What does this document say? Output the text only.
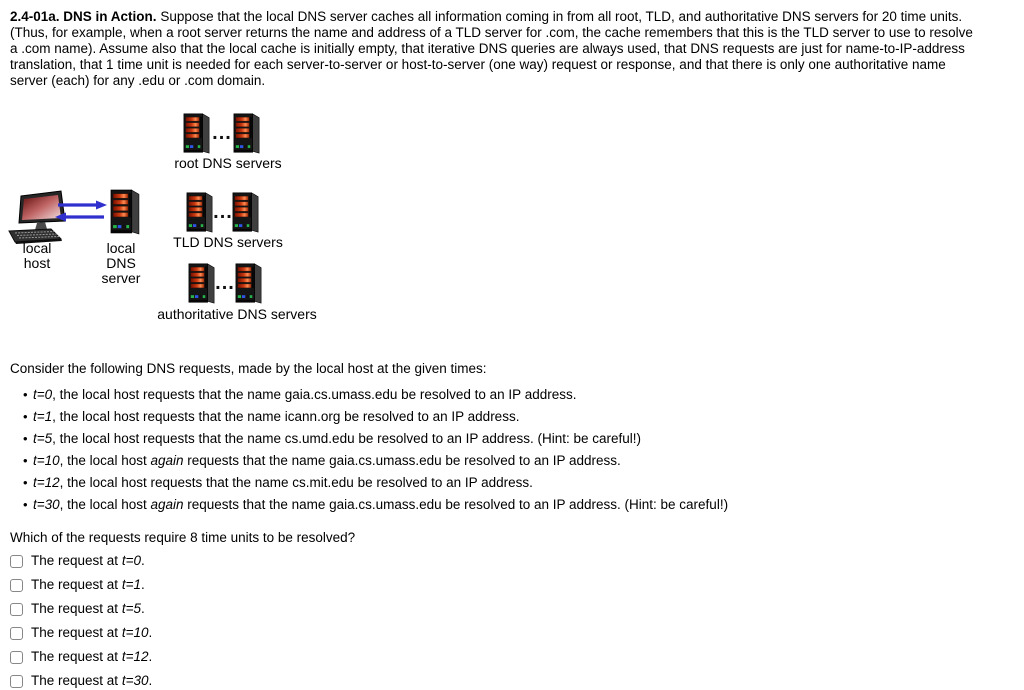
2.4-01a. DNS in Action. Suppose that the local DNS server caches all information coming in from all root, TLD, and authoritative DNS servers for 20 time units.
(Thus, for example, when a root server returns the name and address of a TLD server for .com, the cache remembers that this is the TLD server to use to resolve
a .com name). Assume also that the local cache is initially empty, that iterative DNS queries are always used, that DNS requests are just for name-to-IP-address
translation, that 1 time unit is needed for each server-to-server or host-to-server (one way) request or response, and that there is only one authoritative name
server (each) for any .edu or .com domain.
...
root DNS servers
local
host
local
DNS
server
...
TLD DNS servers
...
authoritative DNS servers
Consider the following DNS requests, made by the local host at the given times:
• t=0, the local host requests that the name gaia.cs.umass.edu be resolved to an IP address.
• t=1, the local host requests that the name icann.org be resolved to an IP address.
• t=5, the local host requests that the name cs.umd.edu be resolved to an IP address. (Hint: be careful!)
• t=10, the local host again requests that the name gaia.cs.umass.edu be resolved to an IP address.
• t=12, the local host requests that the name cs.mit.edu be resolved to an IP address.
• t=30, the local host again requests that the name gaia.cs.umass.edu be resolved to an IP address. (Hint: be careful!)
Which of the requests require 8 time units to be resolved?
The request at t=0.
The request at t=1.
The request at t=5.
The request at t=10.
The request at t=12.
The request at t=30.
